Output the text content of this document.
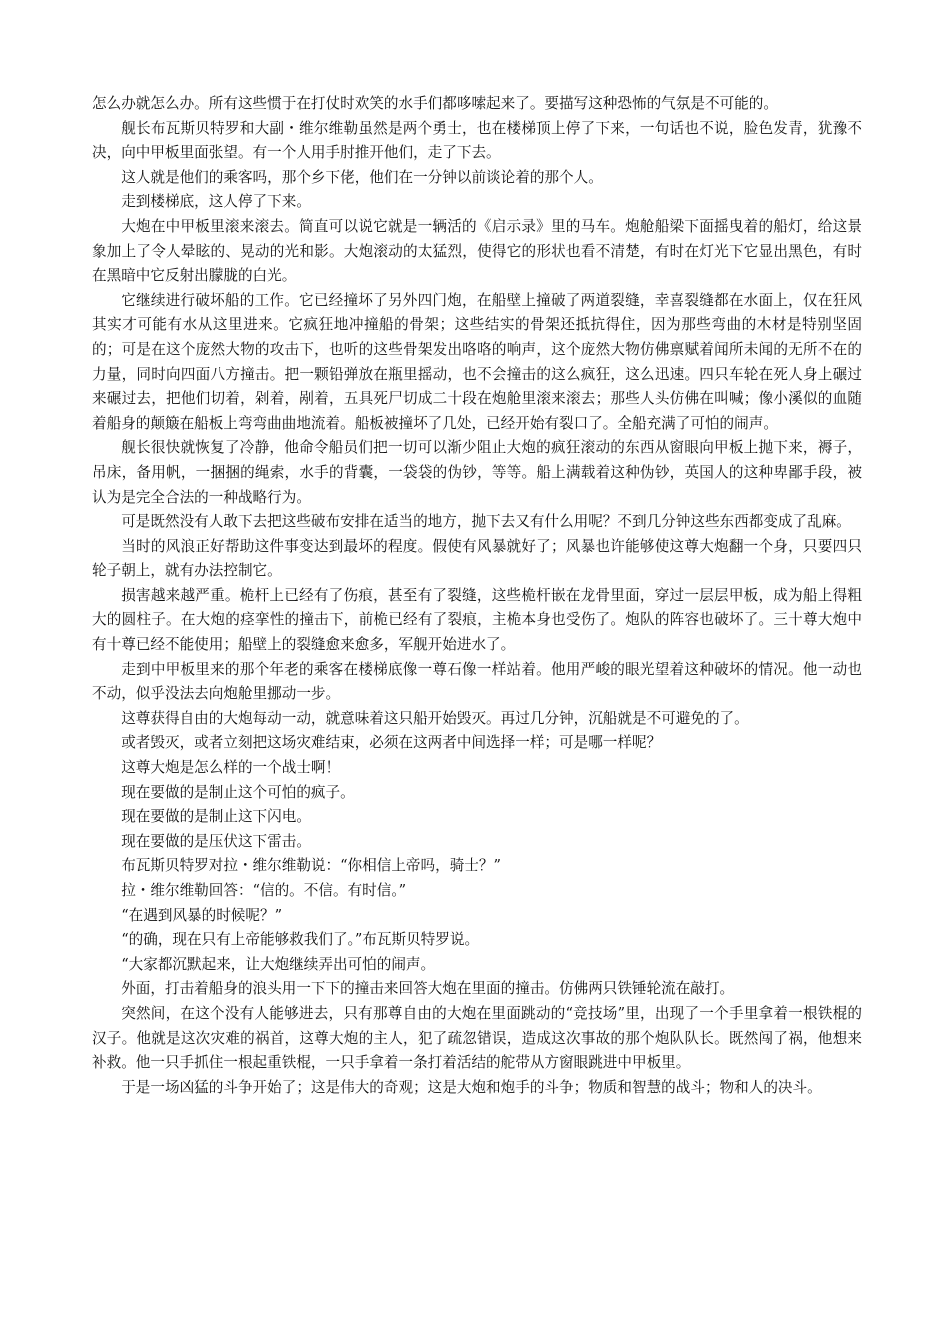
怎么办就怎么办。所有这些惯于在打仗时欢笑的水手们都哆嗦起来了。要描写这种恐怖的气氛是不可能的。

舰长布瓦斯贝特罗和大副・维尔维勒虽然是两个勇士，也在楼梯顶上停了下来，一句话也不说，脸色发青，犹豫不决，向中甲板里面张望。有一个人用手肘推开他们，走了下去。

这人就是他们的乘客吗，那个乡下佬，他们在一分钟以前谈论着的那个人。

走到楼梯底，这人停了下来。

大炮在中甲板里滚来滚去。简直可以说它就是一辆活的《启示录》里的马车。炮舱船梁下面摇曳着的船灯，给这景象加上了令人晕眩的、晃动的光和影。大炮滚动的太猛烈，使得它的形状也看不清楚，有时在灯光下它显出黑色，有时在黑暗中它反射出朦胧的白光。

它继续进行破坏船的工作。它已经撞坏了另外四门炮，在船壁上撞破了两道裂缝，幸喜裂缝都在水面上，仅在狂风其实才可能有水从这里进来。它疯狂地冲撞船的骨架；这些结实的骨架还抵抗得住，因为那些弯曲的木材是特别坚固的；可是在这个庞然大物的攻击下，也听的这些骨架发出咯咯的响声，这个庞然大物仿佛禀赋着闻所未闻的无所不在的力量，同时向四面八方撞击。把一颗铅弹放在瓶里摇动，也不会撞击的这么疯狂，这么迅速。四只车轮在死人身上碾过来碾过去，把他们切着，剁着，剐着，五具死尸切成二十段在炮舱里滚来滚去；那些人头仿佛在叫喊；像小溪似的血随着船身的颠簸在船板上弯弯曲曲地流着。船板被撞坏了几处，已经开始有裂口了。全船充满了可怕的闹声。

舰长很快就恢复了冷静，他命令船员们把一切可以渐少阻止大炮的疯狂滚动的东西从窗眼向甲板上抛下来，褥子，吊床，备用帆，一捆捆的绳索，水手的背囊，一袋袋的伪钞，等等。船上满载着这种伪钞，英国人的这种卑鄙手段，被认为是完全合法的一种战略行为。

可是既然没有人敢下去把这些破布安排在适当的地方，抛下去又有什么用呢？不到几分钟这些东西都变成了乱麻。

当时的风浪正好帮助这件事变达到最坏的程度。假使有风暴就好了；风暴也许能够使这尊大炮翻一个身，只要四只轮子朝上，就有办法控制它。

损害越来越严重。桅杆上已经有了伤痕，甚至有了裂缝，这些桅杆嵌在龙骨里面，穿过一层层甲板，成为船上得粗大的圆柱子。在大炮的痉挛性的撞击下，前桅已经有了裂痕，主桅本身也受伤了。炮队的阵容也破坏了。三十尊大炮中有十尊已经不能使用；船壁上的裂缝愈来愈多，军舰开始进水了。

走到中甲板里来的那个年老的乘客在楼梯底像一尊石像一样站着。他用严峻的眼光望着这种破坏的情况。他一动也不动，似乎没法去向炮舱里挪动一步。

这尊获得自由的大炮每动一动，就意味着这只船开始毁灭。再过几分钟，沉船就是不可避免的了。

或者毁灭，或者立刻把这场灾难结束，必须在这两者中间选择一样；可是哪一样呢？

这尊大炮是怎么样的一个战士啊！

现在要做的是制止这个可怕的疯子。

现在要做的是制止这下闪电。

现在要做的是压伏这下雷击。

布瓦斯贝特罗对拉・维尔维勒说：“你相信上帝吗，骑士？”

拉・维尔维勒回答：“信的。不信。有时信。”

“在遇到风暴的时候呢？”

“的确，现在只有上帝能够救我们了。”布瓦斯贝特罗说。

“大家都沉默起来，让大炮继续弄出可怕的闹声。

外面，打击着船身的浪头用一下下的撞击来回答大炮在里面的撞击。仿佛两只铁锤轮流在敲打。

突然间，在这个没有人能够进去，只有那尊自由的大炮在里面跳动的“竞技场”里，出现了一个手里拿着一根铁棍的汉子。他就是这次灾难的祸首，这尊大炮的主人，犯了疏忽错误，造成这次事故的那个炮队队长。既然闯了祸，他想来补救。他一只手抓住一根起重铁棍，一只手拿着一条打着活结的舵带从方窗眼跳进中甲板里。

于是一场凶猛的斗争开始了；这是伟大的奇观；这是大炮和炮手的斗争；物质和智慧的战斗；物和人的决斗。
